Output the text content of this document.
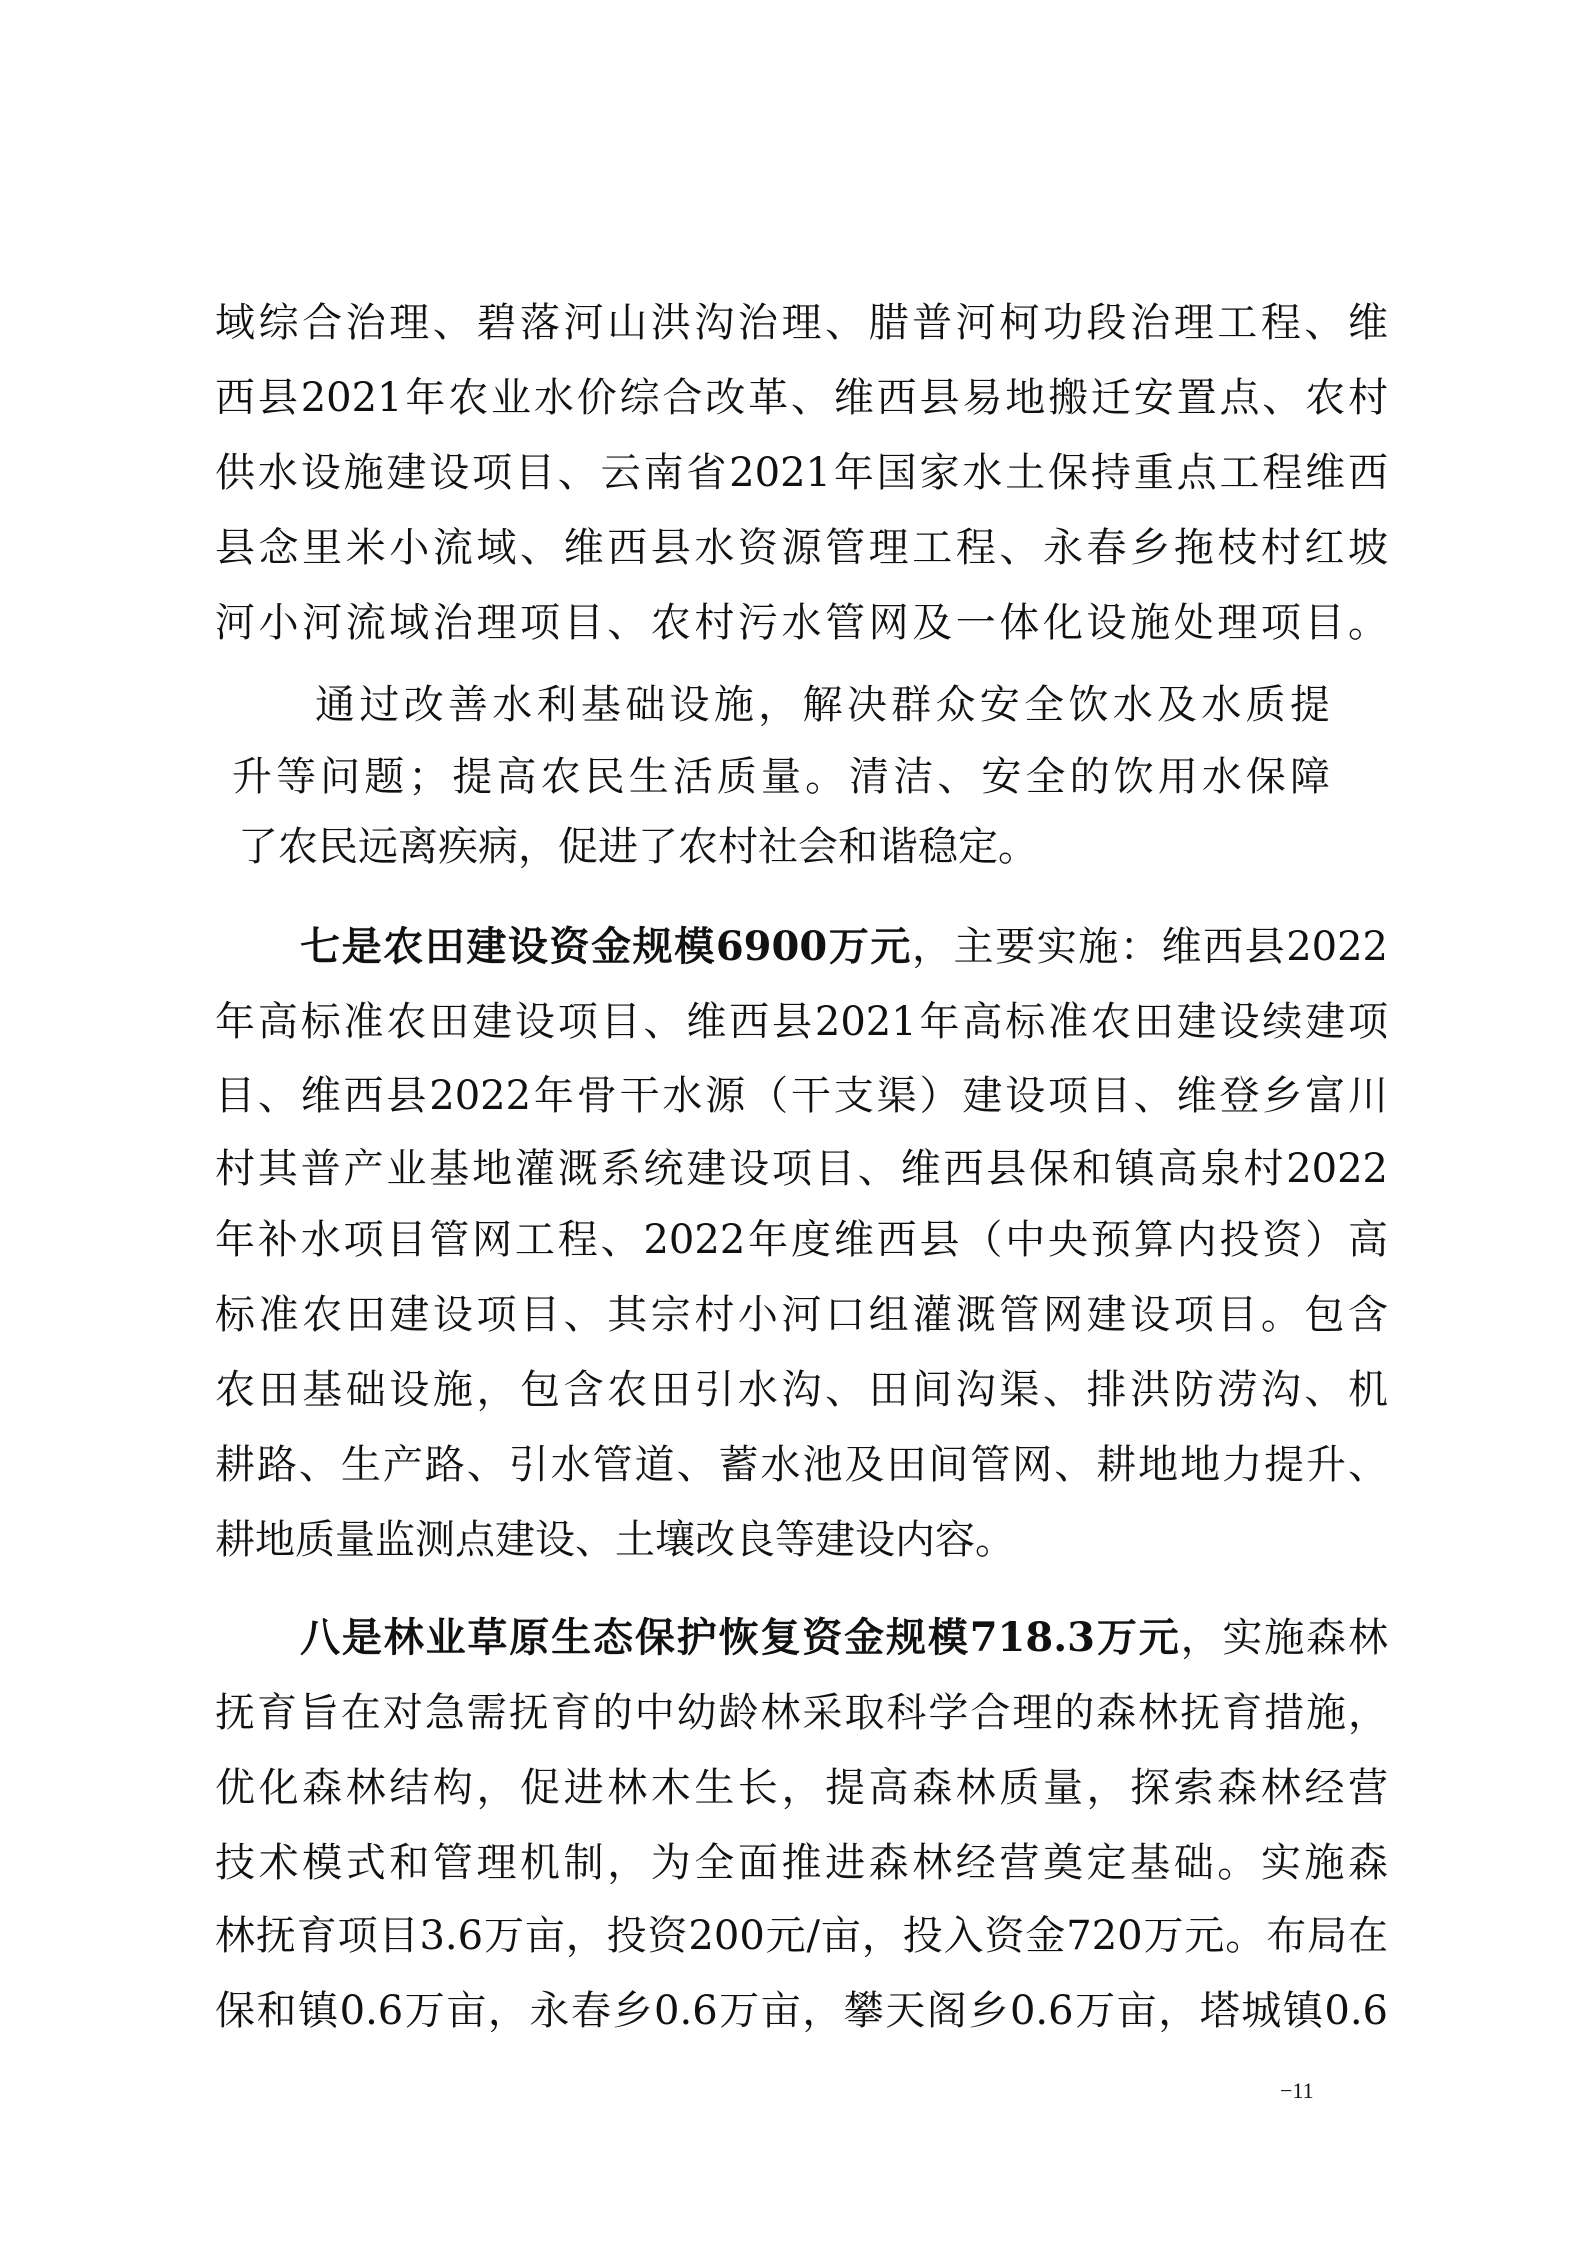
域综合治理、碧落河山洪沟治理、腊普河柯功段治理工程、维
西县2021年农业水价综合改革、维西县易地搬迁安置点、农村
供水设施建设项目、云南省2021年国家水土保持重点工程维西
县念里米小流域、维西县水资源管理工程、永春乡拖枝村红坡
河小河流域治理项目、农村污水管网及一体化设施处理项目。
通过改善水利基础设施，解决群众安全饮水及水质提
升等问题；提高农民生活质量。清洁、安全的饮用水保障
了农民远离疾病，促进了农村社会和谐稳定。
七是农田建设资金规模6900万元，主要实施：维西县2022
年高标准农田建设项目、维西县2021年高标准农田建设续建项
目、维西县2022年骨干水源（干支渠）建设项目、维登乡富川
村其普产业基地灌溉系统建设项目、维西县保和镇高泉村2022
年补水项目管网工程、2022年度维西县（中央预算内投资）高
标准农田建设项目、其宗村小河口组灌溉管网建设项目。包含
农田基础设施，包含农田引水沟、田间沟渠、排洪防涝沟、机
耕路、生产路、引水管道、蓄水池及田间管网、耕地地力提升、
耕地质量监测点建设、土壤改良等建设内容。
八是林业草原生态保护恢复资金规模718.3万元，实施森林
抚育旨在对急需抚育的中幼龄林采取科学合理的森林抚育措施，
优化森林结构，促进林木生长，提高森林质量，探索森林经营
技术模式和管理机制，为全面推进森林经营奠定基础。实施森
林抚育项目3.6万亩，投资200元/亩，投入资金720万元。布局在
保和镇0.6万亩，永春乡0.6万亩，攀天阁乡0.6万亩，塔城镇0.6
−11
